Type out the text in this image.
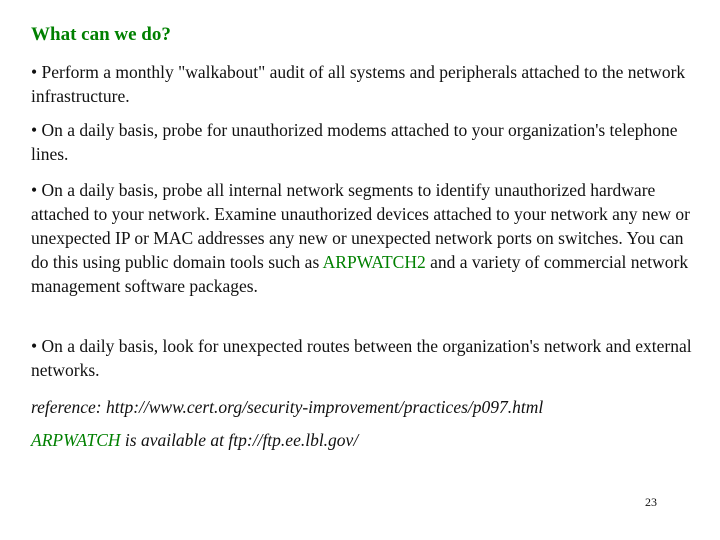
What can we do?
• Perform a monthly "walkabout" audit of all systems and peripherals attached to the network infrastructure.
• On a daily basis, probe for unauthorized modems attached to your organization's telephone lines.
• On a daily basis, probe all internal network segments to identify unauthorized hardware attached to your network. Examine unauthorized devices attached to your network any new or unexpected IP or MAC addresses any new or unexpected network ports on switches. You can do this using public domain tools such as ARPWATCH2 and a variety of commercial network management software packages.
• On a daily basis, look for unexpected routes between the organization's network and external networks.
reference: http://www.cert.org/security-improvement/practices/p097.html
ARPWATCH is available at ftp://ftp.ee.lbl.gov/
23
